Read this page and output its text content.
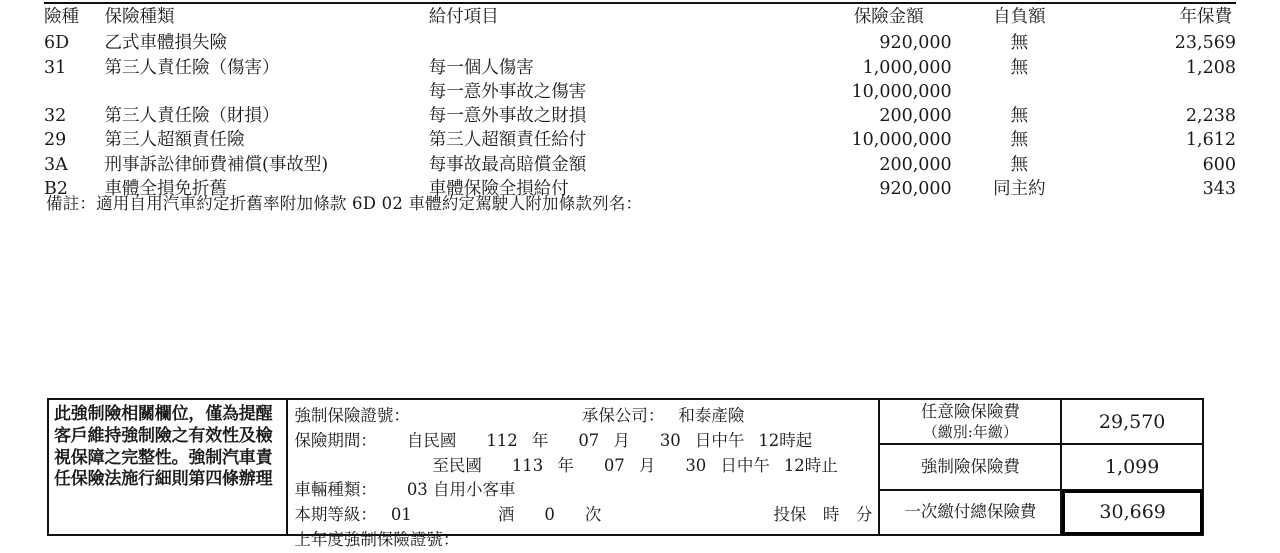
險種	保險種類	給付項目	保險金額	自負額	年保費
6D	乙式車體損失險		920,000	無	23,569
31	第三人責任險（傷害）	每一個人傷害	1,000,000	無	1,208
		每一意外事故之傷害	10,000,000		
32	第三人責任險（財損）	每一意外事故之財損	200,000	無	2,238
29	第三人超額責任險	第三人超額責任給付	10,000,000	無	1,612
3A	刑事訴訟律師費補償(事故型)	每事故最高賠償金額	200,000	無	600
B2	車體全損免折舊	車體保險全損給付	920,000	同主約	343
備註：適用自用汽車約定折舊率附加條款 6D 02 車體約定駕駛人附加條款列名：
此強制險相關欄位，僅為提醒客戶維持強制險之有效性及檢視保障之完整性。強制汽車責任保險法施行細則第四條辦理
強制保險證號：	承保公司： 和泰產險
保險期間： 自民國 112 年 07 月 30 日中午 12時起
至民國 113 年 07 月 30 日中午 12時止
車輛種類： 03 自用小客車
本期等級： 01	酒 0 次	投保　時　分
上年度強制保險證號：
任意險保險費
（繳別:年繳）	29,570
強制險保險費	1,099
一次繳付總保險費	30,669
